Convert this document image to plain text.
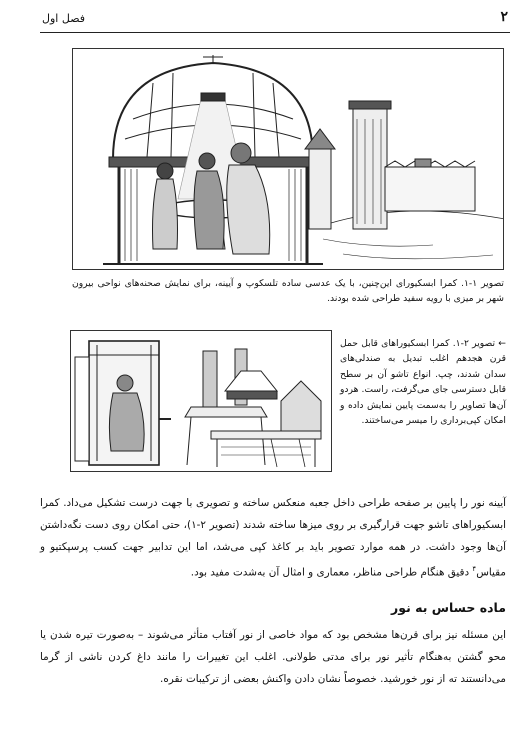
۲
فصل اول
تصویر ۱-۱. کمرا ابسکیورای این‌چنین، با یک عدسی ساده تلسکوپ و آیینه، برای نمایش صحنه‌های نواحی بیرون شهر بر میزی با رویه سفید طراحی شده بودند.
← تصویر ۲-۱. کمرا ابسکیوراهای قابل حمل قرن هجدهم اغلب تبدیل به صندلی‌های سدان شدند، چپ. انواع تاشو آن بر سطح قابل دسترسی جای می‌گرفت، راست. هردو آن‌ها تصاویر را به‌سمت پایین نمایش داده و امکان کپی‌برداری را میسر می‌ساختند.
آیینه نور را پایین بر صفحه طراحی داخل جعبه منعکس ساخته و تصویری با جهت درست تشکیل می‌داد. کمرا ابسکیوراهای تاشو جهت قرارگیری بر روی میزها ساخته شدند (تصویر ۲-۱)، حتی امکان روی دست نگه‌داشتن آن‌ها وجود داشت. در همه موارد تصویر باید بر کاغذ کپی می‌شد، اما این تدابیر جهت کسب پرسپکتیو و مقیاس$^۴$ دقیق هنگام طراحی مناظر، معماری و امثال آن به‌شدت مفید بود.
ماده حساس به نور
این مسئله نیز برای قرن‌ها مشخص بود که مواد خاصی از نور آفتاب متأثر می‌شوند – به‌صورت تیره شدن یا محو گشتن به‌هنگام تأثیر نور برای مدتی طولانی. اغلب این تغییرات را مانند داغ کردن ناشی از گرما می‌دانستند ته از نور خورشید. خصوصاً نشان دادن واکنش بعضی از ترکیبات نقره.
